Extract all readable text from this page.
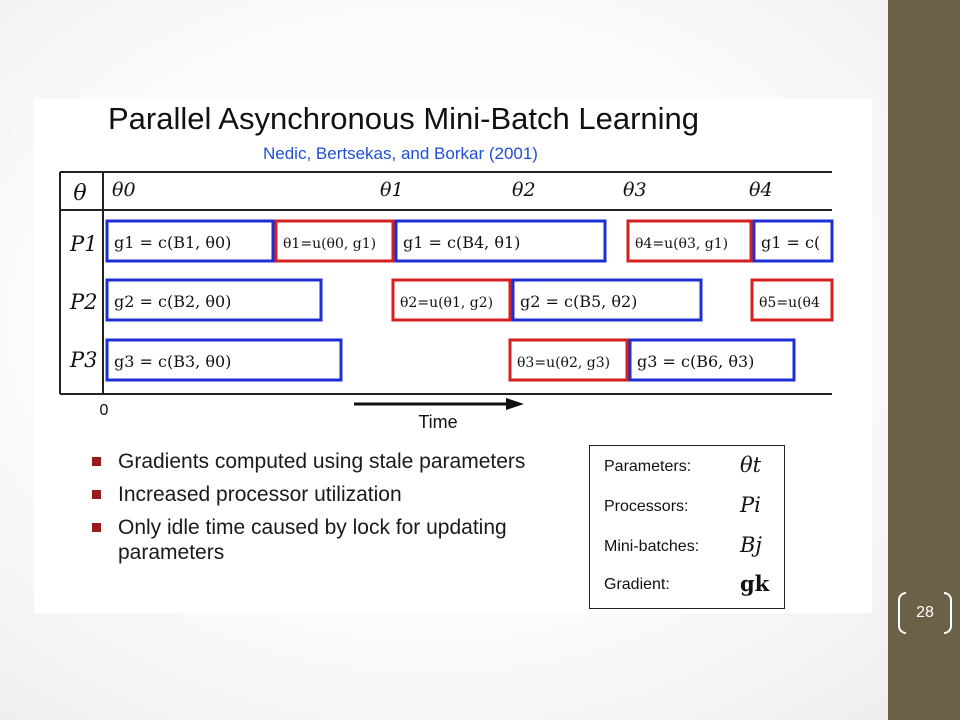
28
Parallel Asynchronous Mini-Batch Learning
Nedic, Bertsekas, and Borkar (2001)
θ θ0	θ1	θ2	θ3	θ4
P1
P2
P3
g1 = c(B1, θ0)	θ1=u(θ0, g1) g1 = c(B4, θ1)	θ4=u(θ3, g1) g1 = c(
g2 = c(B2, θ0)	θ2=u(θ1, g2) g2 = c(B5, θ2)	θ5=u(θ4
g3 = c(B3, θ0)	θ3=u(θ2, g3) g3 = c(B6, θ3)
0
Time
Gradients computed using stale parameters
Increased processor utilization
Only idle time caused by lock for updating parameters
Parameters: θt
Processors: Pi
Mini-batches: Bj
Gradient:	gk
